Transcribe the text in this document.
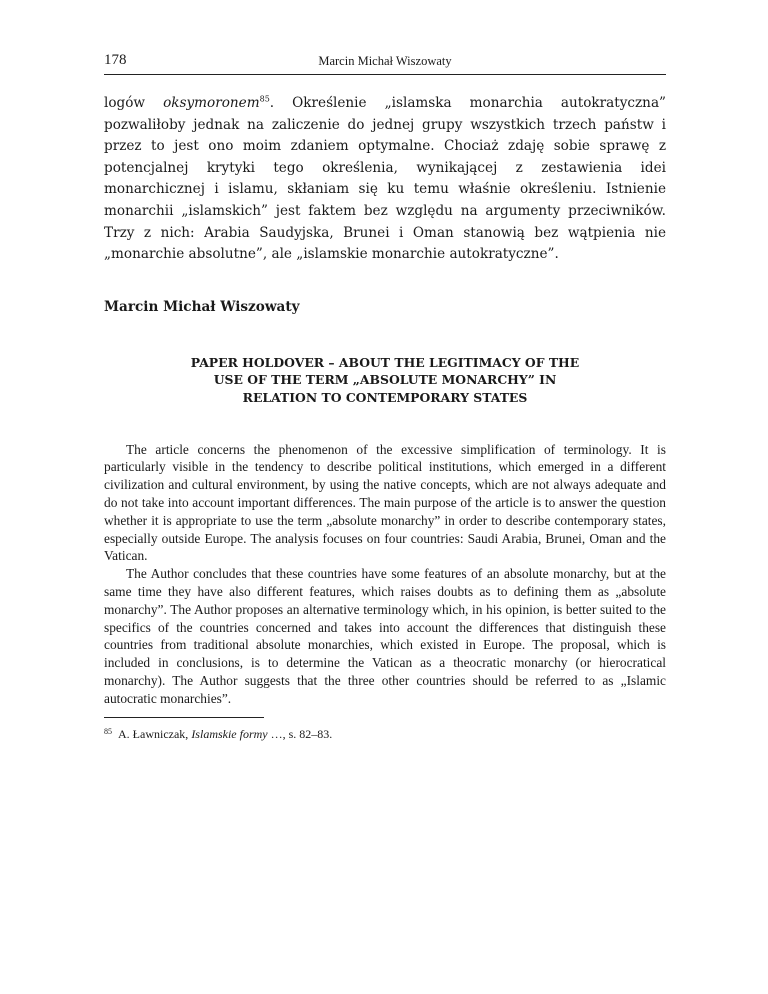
178	Marcin Michał Wiszowaty

logów oksymoronem$^{85}$. Określenie „islamska monarchia autokratyczna” pozwaliłoby jednak na zaliczenie do jednej grupy wszystkich trzech państw i przez to jest ono moim zdaniem optymalne. Chociaż zdaję sobie sprawę z potencjalnej krytyki tego określenia, wynikającej z zestawienia idei monarchicznej i islamu, skłaniam się ku temu właśnie określeniu. Istnienie monarchii „islamskich” jest faktem bez względu na argumenty przeciwników. Trzy z nich: Arabia Saudyjska, Brunei i Oman stanowią bez wątpienia nie „monarchie absolutne”, ale „islamskie monarchie autokratyczne”.

Marcin Michał Wiszowaty
PAPER HOLDOVER – ABOUT THE LEGITIMACY OF THE USE OF THE TERM „ABSOLUTE MONARCHY” IN RELATION TO CONTEMPORARY STATES

The article concerns the phenomenon of the excessive simplification of terminology. It is particularly visible in the tendency to describe political institutions, which emerged in a different civilization and cultural environment, by using the native concepts, which are not always adequate and do not take into account important differences. The main purpose of the article is to answer the question whether it is appropriate to use the term „absolute monarchy” in order to describe contemporary states, especially outside Europe. The analysis focuses on four countries: Saudi Arabia, Brunei, Oman and the Vatican.

The Author concludes that these countries have some features of an absolute monarchy, but at the same time they have also different features, which raises doubts as to defining them as „absolute monarchy”. The Author proposes an alternative terminology which, in his opinion, is better suited to the specifics of the countries concerned and takes into account the differences that distinguish these countries from traditional absolute monarchies, which existed in Europe. The proposal, which is included in conclusions, is to determine the Vatican as a theocratic monarchy (or hierocratical monarchy). The Author suggests that the three other countries should be referred to as „Islamic autocratic monarchies”.

85 A. Ławniczak, Islamskie formy …, s. 82–83.
